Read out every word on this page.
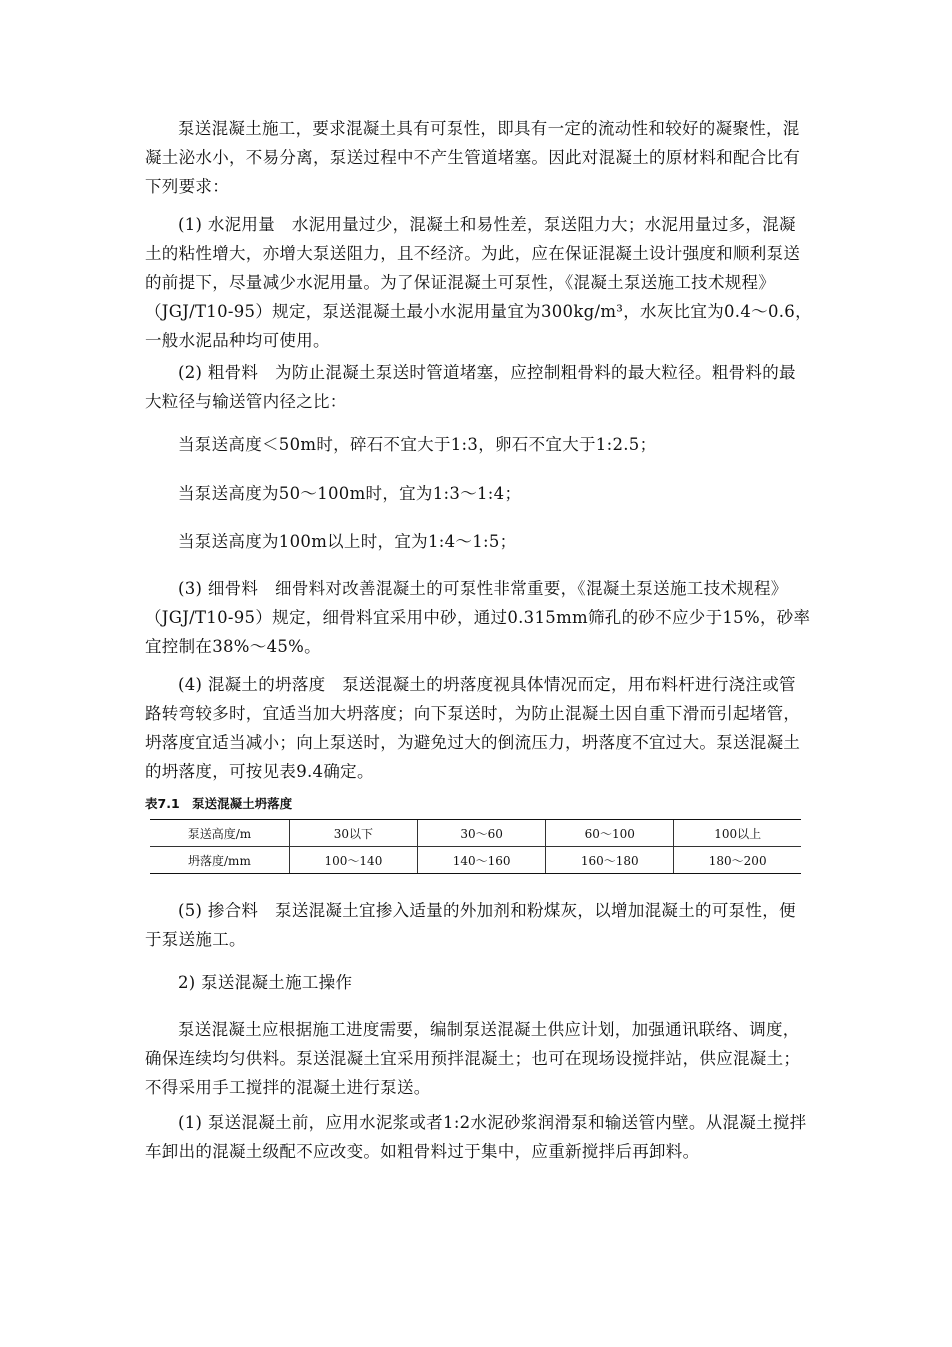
泵送混凝土施工，要求混凝土具有可泵性，即具有一定的流动性和较好的凝聚性，混凝土泌水小，不易分离，泵送过程中不产生管道堵塞。因此对混凝土的原材料和配合比有下列要求：

(1) 水泥用量　水泥用量过少，混凝土和易性差，泵送阻力大；水泥用量过多，混凝土的粘性增大，亦增大泵送阻力，且不经济。为此，应在保证混凝土设计强度和顺利泵送的前提下，尽量减少水泥用量。为了保证混凝土可泵性，《混凝土泵送施工技术规程》（JGJ/T10-95）规定，泵送混凝土最小水泥用量宜为300kg/m³，水灰比宜为0.4～0.6，一般水泥品种均可使用。

(2) 粗骨料　为防止混凝土泵送时管道堵塞，应控制粗骨料的最大粒径。粗骨料的最大粒径与输送管内径之比：

当泵送高度＜50m时，碎石不宜大于1:3，卵石不宜大于1:2.5；

当泵送高度为50～100m时，宜为1:3～1:4；

当泵送高度为100m以上时，宜为1:4～1:5；

(3) 细骨料　细骨料对改善混凝土的可泵性非常重要，《混凝土泵送施工技术规程》（JGJ/T10-95）规定，细骨料宜采用中砂，通过0.315mm筛孔的砂不应少于15%，砂率宜控制在38%～45%。

(4) 混凝土的坍落度　泵送混凝土的坍落度视具体情况而定，用布料杆进行浇注或管路转弯较多时，宜适当加大坍落度；向下泵送时，为防止混凝土因自重下滑而引起堵管，坍落度宜适当减小；向上泵送时，为避免过大的倒流压力，坍落度不宜过大。泵送混凝土的坍落度，可按见表9.4确定。

表7.1　泵送混凝土坍落度
泵送高度/m	30以下	30～60	60～100	100以上
坍落度/mm	100～140	140～160	160～180	180～200

(5) 掺合料　泵送混凝土宜掺入适量的外加剂和粉煤灰，以增加混凝土的可泵性，便于泵送施工。

2) 泵送混凝土施工操作

泵送混凝土应根据施工进度需要，编制泵送混凝土供应计划，加强通讯联络、调度，确保连续均匀供料。泵送混凝土宜采用预拌混凝土；也可在现场设搅拌站，供应混凝土；不得采用手工搅拌的混凝土进行泵送。

(1) 泵送混凝土前，应用水泥浆或者1:2水泥砂浆润滑泵和输送管内壁。从混凝土搅拌车卸出的混凝土级配不应改变。如粗骨料过于集中，应重新搅拌后再卸料。
